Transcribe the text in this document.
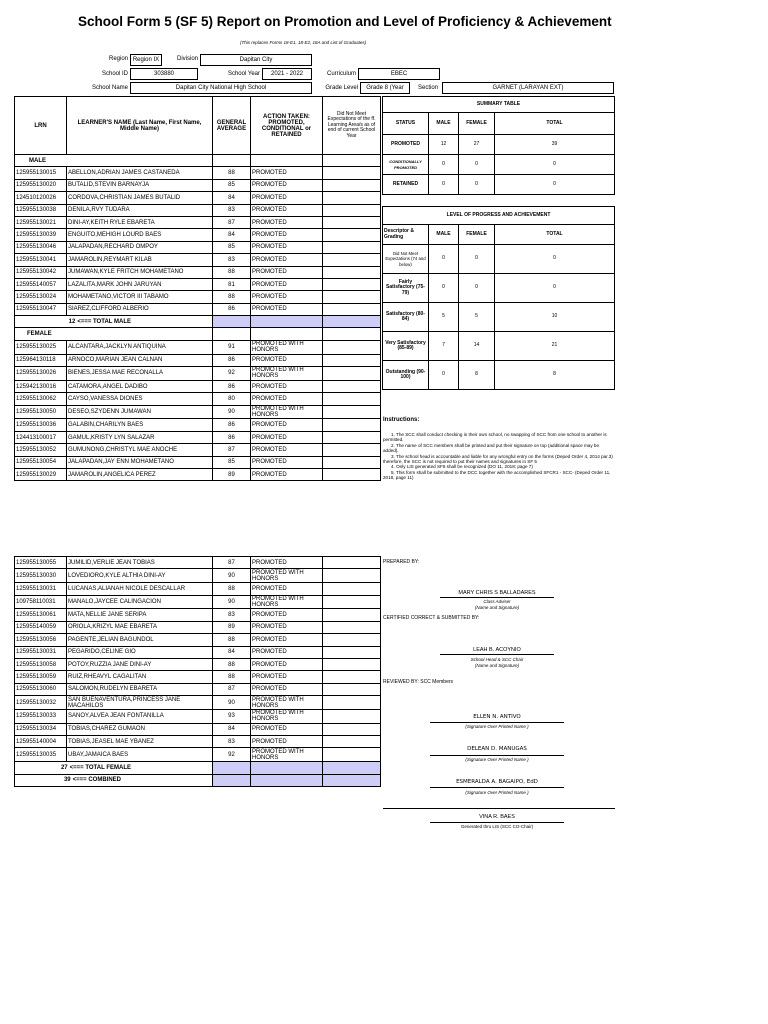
School Form 5 (SF 5) Report on Promotion and Level of Proficiency & Achievement
(This replaces Forms 18-E1, 18-E2, 18A and List of Graduates)
Region Region IX	Division	Dapitan City
School ID	303880	School Year	2021 - 2022	Curriculum	EBEC
School Name	Dapitan City National High School	Grade Level	Grade 8 (Year	Section	GARNET (LARAYAN EXT)
LRN	LEARNER'S NAME (Last Name, First Name, Middle Name)	GENERAL AVERAGE	ACTION TAKEN: PROMOTED, CONDITIONAL or RETAINED	Did Not Meet Expectations of the ff. Learning Area/s as of end of current School Year
MALE				
125955130015	ABELLON,ADRIAN JAMES CASTANEDA	88	PROMOTED	
125955130020	BUTALID,STEVIN BARNAYJA	85	PROMOTED	
124510120026	CORDOVA,CHRISTIAN JAMES BUTALID	84	PROMOTED	
125955130038	DENILA,RVY TUDARA	83	PROMOTED	
125955130021	DINI-AY,KEITH RYLE EBARETA	87	PROMOTED	
125955130039	ENGUITO,MEHIGH LOURD BAES	84	PROMOTED	
125955130046	JALAPADAN,RECHARD OMPOY	85	PROMOTED	
125955130041	JAMAROLIN,REYMART KILAB	83	PROMOTED	
125955130042	JUMAWAN,KYLE FRITCH MOHAMETANO	88	PROMOTED	
125955140057	LAZALITA,MARK JOHN JARUYAN	81	PROMOTED	
125955130024	MOHAMETANO,VICTOR III TABAMO	88	PROMOTED	
125955130047	SIAREZ,CLIFFORD ALBERIO	86	PROMOTED	
12 <=== TOTAL MALE				
FEMALE				
125955130025	ALCANTARA,JACKLYN ANTIQUINA	91	PROMOTED WITH HONORS	
125964130118	ARNOCO,MARIAN JEAN CALNAN	86	PROMOTED	
125955130026	BIENES,JESSA MAE RECONALLA	92	PROMOTED WITH HONORS	
125942130016	CATAMORA,ANGEL DADIBO	86	PROMOTED	
125955130062	CAYSO,VANESSA DIONES	80	PROMOTED	
125955130050	DESEO,SZYDENN JUMAWAN	90	PROMOTED WITH HONORS	
125955130036	GALABIN,CHARILYN BAES	86	PROMOTED	
124413100017	GAMUL,KRISTY LYN SALAZAR	86	PROMOTED	
125955130052	GUMUNONG,CHRISTYL MAE ANOCHE	87	PROMOTED	
125955130054	JALAPADAN,JAY ENN MOHAMETANO	85	PROMOTED	
125955130029	JAMAROLIN,ANGELICA PEREZ	89	PROMOTED	
125955130055	JUMILID,VERLIE JEAN TOBIAS	87	PROMOTED	
125955130030	LOVEDIORO,KYLE ALTHIA DINI-AY	90	PROMOTED WITH HONORS	
125955130031	LUCANAS,ALIANAH NICOLE DESCALLAR	88	PROMOTED	
109758110031	MANALO,JAYCEE CALINGACION	90	PROMOTED WITH HONORS	
125955130061	MATA,NELLIE JANE SERIPA	83	PROMOTED	
125955140059	ORIOLA,KRIZYL MAE EBARETA	89	PROMOTED	
125955130056	PAGENTE,JELIAN BAGUNDOL	88	PROMOTED	
125955130031	PEGARIDO,CELINE GIO	84	PROMOTED	
125955130058	POTOY,RUZZIA JANE DINI-AY	88	PROMOTED	
125955130059	RUIZ,RHEAVYL CAGALITAN	88	PROMOTED	
125955130060	SALOMON,RUDELYN EBARETA	87	PROMOTED	
125955130032	SAN BUENAVENTURA,PRINCESS JANE MACAHILOS	90	PROMOTED WITH HONORS	
125955130033	SANOY,ALVEA JEAN FONTANILLA	93	PROMOTED WITH HONORS	
125955130034	TOBIAS,CHAREZ GUMAON	84	PROMOTED	
125955140004	TOBIAS,JEASEL MAE YBANEZ	83	PROMOTED	
125955130035	UBAY,JAMAICA BAES	92	PROMOTED WITH HONORS	
27 <=== TOTAL FEMALE				
39 <=== COMBINED				
SUMMARY TABLE			
STATUS	MALE	FEMALE	TOTAL
PROMOTED	12	27	39
CONDITIONALLY PROMOTED	0	0	0
RETAINED	0	0	0
LEVEL OF PROGRESS AND ACHIEVEMENT			
Descriptor & Grading	MALE	FEMALE	TOTAL
Did Not Meet Expectations (74 and below)	0	0	0
Fairly Satisfactory (75-79)	0	0	0
Satisfactory (80-84)	5	5	10
Very Satisfactory (85-89)	7	14	21
Outstanding (90-100)	0	8	8
Instructions:
1. The SCC shall conduct checking in their own school, no swapping of SCC from one school to another is permitted.
2. The name of SCC members shall be printed and put their signature on top (additional space may be added).
3. The school head is accountable and liable for any wrongful entry on the forms (Deped Order 4, 2014 par.3) therefore, the SCC is not required to put their names and signatures in SF 5
4. Only LIS generated SF5 shall be recognized (DO 11, 2018; page 7)
5. This form shall be submitted to the DCC together with the accomplished SFCR1 - SCC- (Deped Order 11, 2018, page 11)
PREPARED BY:
MARY CHRIS S BALLADARES
Class Adviser
(Name and Signature)
CERTIFIED CORRECT & SUBMITTED BY:
LEAH B. ACOYNIO
School Head & SCC Chair
(Name and Signature)
REVIEWED BY: SCC Members
ELLEN N. ANTIVO
(Signature Over Printed Name )
DELEAN D. MANUGAS
(Signature Over Printed Name )
ESMERALDA A. BAGAIPO, EdD
(Signature Over Printed Name )
VINA R. BAES
Generated thru LIS (SCC CO-Chair)
